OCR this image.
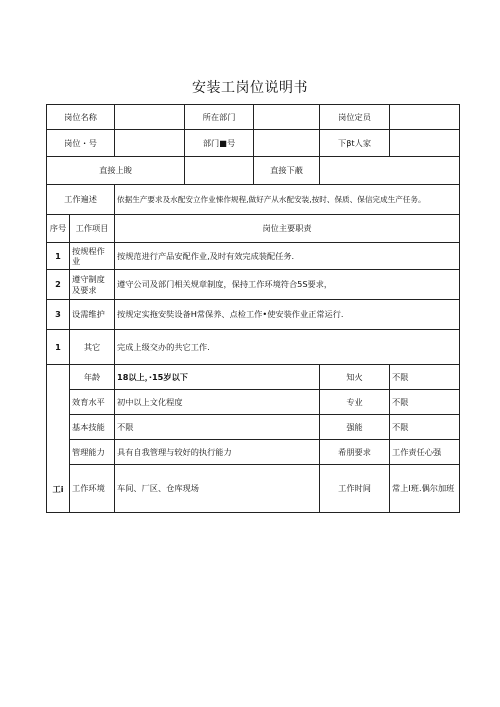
安装工岗位说明书
岗位名称			所在部门		岗位定员	
岗位・号			部门■号		下βt人家	
直接上睃				直接下蔽		
工作遍述		依据生产要求及水配安立作业悚作规程,做好产从水配安装,按时、保质、保信完成生产任务。				
序号	工作项目	岗位主要职责				
1	按规程作业	按规范进行产品安配作业,及时有效完成装配任务.				
2	遵守制度及要求	遵守公司及部门相关规章制度，保持工作环境符合5S要求，				
3	设需维护	按规定实拖安奘设备H常保养、点检工作•使安装作业正常运行.				
1	其它	完成上级交办的共它工作.				
工i	年龄	18以上，·15岁以下			知火	不限
	效育水平	初中以上文化程度			专业	不限
	基本技能	不限			强能	不限
	管理能力	具有自我管理与较好的执行能力			希朋要求	工作责任心强
	工作环境	车间、厂区、仓库现场			工作时间	常上I班.偶尔加班
